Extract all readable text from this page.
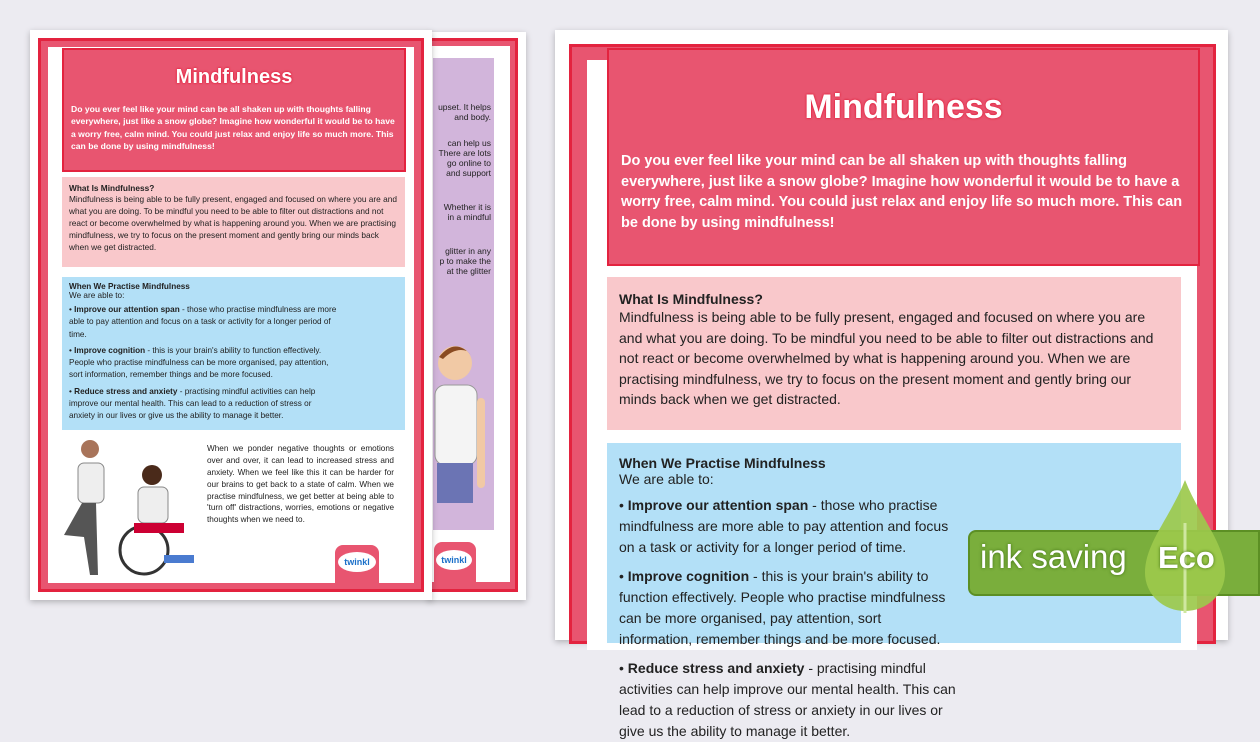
upset. It helps
and body.
can help us
There are lots
go online to
and support
Whether it is
in a mindful
glitter in any
p to make the
at the glitter
twinkl
Mindfulness

Do you ever feel like your mind can be all shaken up with thoughts falling everywhere, just like a snow globe? Imagine how wonderful it would be to have a worry free, calm mind. You could just relax and enjoy life so much more. This can be done by using mindfulness!

What Is Mindfulness?

Mindfulness is being able to be fully present, engaged and focused on where you are and what you are doing. To be mindful you need to be able to filter out distractions and not react or become overwhelmed by what is happening around you. When we are practising mindfulness, we try to focus on the present moment and gently bring our minds back when we get distracted.

When We Practise Mindfulness
We are able to:
• Improve our attention span - those who practise mindfulness are more able to pay attention and focus on a task or activity for a longer period of time.
• Improve cognition - this is your brain's ability to function effectively. People who practise mindfulness can be more organised, pay attention, sort information, remember things and be more focused.
• Reduce stress and anxiety - practising mindful activities can help improve our mental health. This can lead to a reduction of stress or anxiety in our lives or give us the ability to manage it better.

When we ponder negative thoughts or emotions over and over, it can lead to increased stress and anxiety. When we feel like this it can be harder for our brains to get back to a state of calm. When we practise mindfulness, we get better at being able to 'turn off' distractions, worries, emotions or negative thoughts when we need to.

twinkl
Mindfulness

Do you ever feel like your mind can be all shaken up with thoughts falling everywhere, just like a snow globe? Imagine how wonderful it would be to have a worry free, calm mind. You could just relax and enjoy life so much more. This can be done by using mindfulness!

What Is Mindfulness?

Mindfulness is being able to be fully present, engaged and focused on where you are and what you are doing. To be mindful you need to be able to filter out distractions and not react or become overwhelmed by what is happening around you. When we are practising mindfulness, we try to focus on the present moment and gently bring our minds back when we get distracted.

When We Practise Mindfulness
We are able to:
• Improve our attention span - those who practise mindfulness are more able to pay attention and focus on a task or activity for a longer period of time.
• Improve cognition - this is your brain's ability to function effectively. People who practise mindfulness can be more organised, pay attention, sort information, remember things and be more focused.
• Reduce stress and anxiety - practising mindful activities can help improve our mental health. This can lead to a reduction of stress or anxiety in our lives or give us the ability to manage it better.
ink saving Eco
